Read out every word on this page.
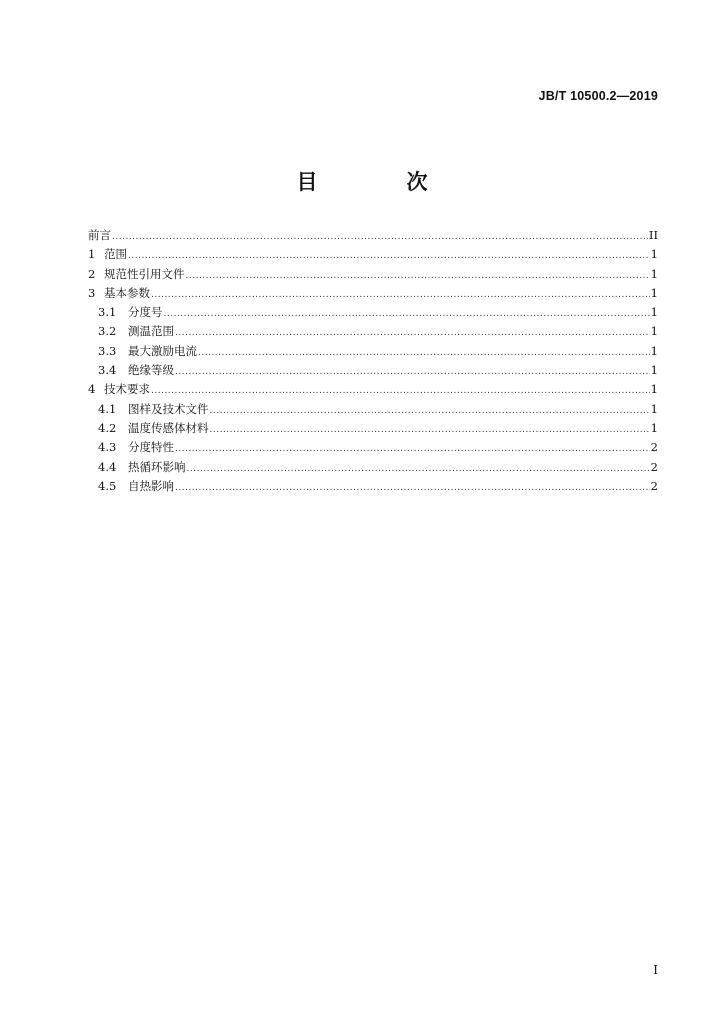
JB/T 10500.2—2019
目　次
前言 .....	II
1 范围 .....	1
2 规范性引用文件 .....	1
3 基本参数 .....	1
3.1	分度号 .....	1
3.2	测温范围 .....	1
3.3	最大激励电流 .....	1
3.4	绝缘等级 .....	1
4 技术要求 .....	1
4.1	图样及技术文件 .....	1
4.2	温度传感体材料 .....	1
4.3	分度特性 .....	2
4.4	热循环影响 .....	2
4.5	自热影响 .....	2
I
